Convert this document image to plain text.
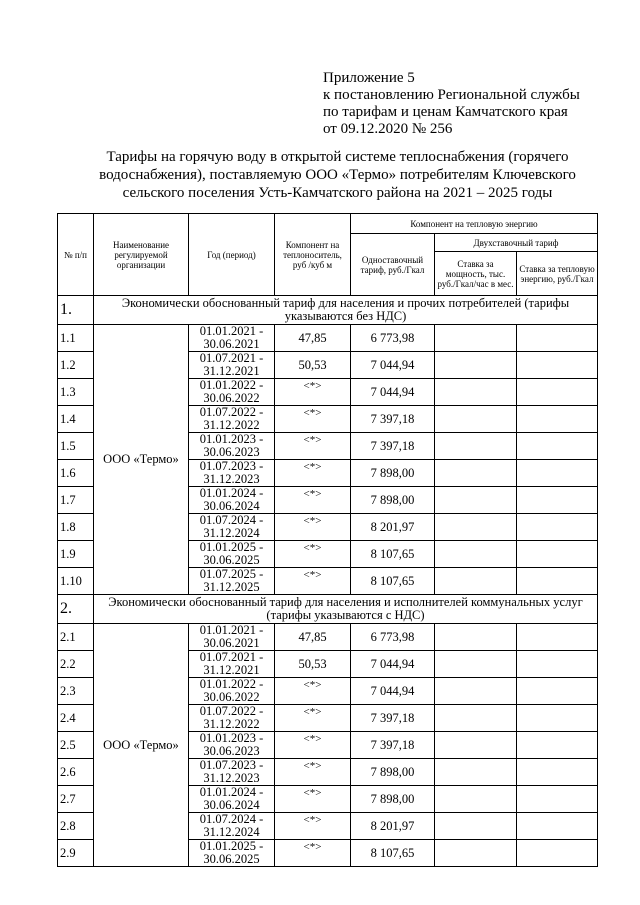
Приложение 5
к постановлению Региональной службы
по тарифам и ценам Камчатского края
от 09.12.2020 № 256
Тарифы на горячую воду в открытой системе теплоснабжения (горячего водоснабжения), поставляемую ООО «Термо» потребителям Ключевского сельского поселения Усть-Камчатского района на 2021 – 2025 годы
№ п/п	Наименование регулируемой организации	Год (период)	Компонент на теплоноситель, руб /куб м	Компонент на тепловую энергию		
				Одноставочный тариф, руб./Гкал	Двухставочный тариф	
					Ставка за мощность, тыс. руб./Гкал/час в мес.	Ставка за тепловую энергию, руб./Гкал
1.	Экономически обоснованный тариф для населения и прочих потребителей (тарифы указываются без НДС)					
1.1	ООО «Термо»	01.01.2021 - 30.06.2021	47,85	6 773,98		
1.2		01.07.2021 - 31.12.2021	50,53	7 044,94		
1.3		01.01.2022 - 30.06.2022	<*>	7 044,94		
1.4		01.07.2022 - 31.12.2022	<*>	7 397,18		
1.5		01.01.2023 - 30.06.2023	<*>	7 397,18		
1.6		01.07.2023 - 31.12.2023	<*>	7 898,00		
1.7		01.01.2024 - 30.06.2024	<*>	7 898,00		
1.8		01.07.2024 - 31.12.2024	<*>	8 201,97		
1.9		01.01.2025 - 30.06.2025	<*>	8 107,65		
1.10		01.07.2025 - 31.12.2025	<*>	8 107,65		
2.	Экономически обоснованный тариф для населения и исполнителей коммунальных услуг (тарифы указываются с НДС)					
2.1	ООО «Термо»	01.01.2021 - 30.06.2021	47,85	6 773,98		
2.2		01.07.2021 - 31.12.2021	50,53	7 044,94		
2.3		01.01.2022 - 30.06.2022	<*>	7 044,94		
2.4		01.07.2022 - 31.12.2022	<*>	7 397,18		
2.5		01.01.2023 - 30.06.2023	<*>	7 397,18		
2.6		01.07.2023 - 31.12.2023	<*>	7 898,00		
2.7		01.01.2024 - 30.06.2024	<*>	7 898,00		
2.8		01.07.2024 - 31.12.2024	<*>	8 201,97		
2.9		01.01.2025 - 30.06.2025	<*>	8 107,65		
